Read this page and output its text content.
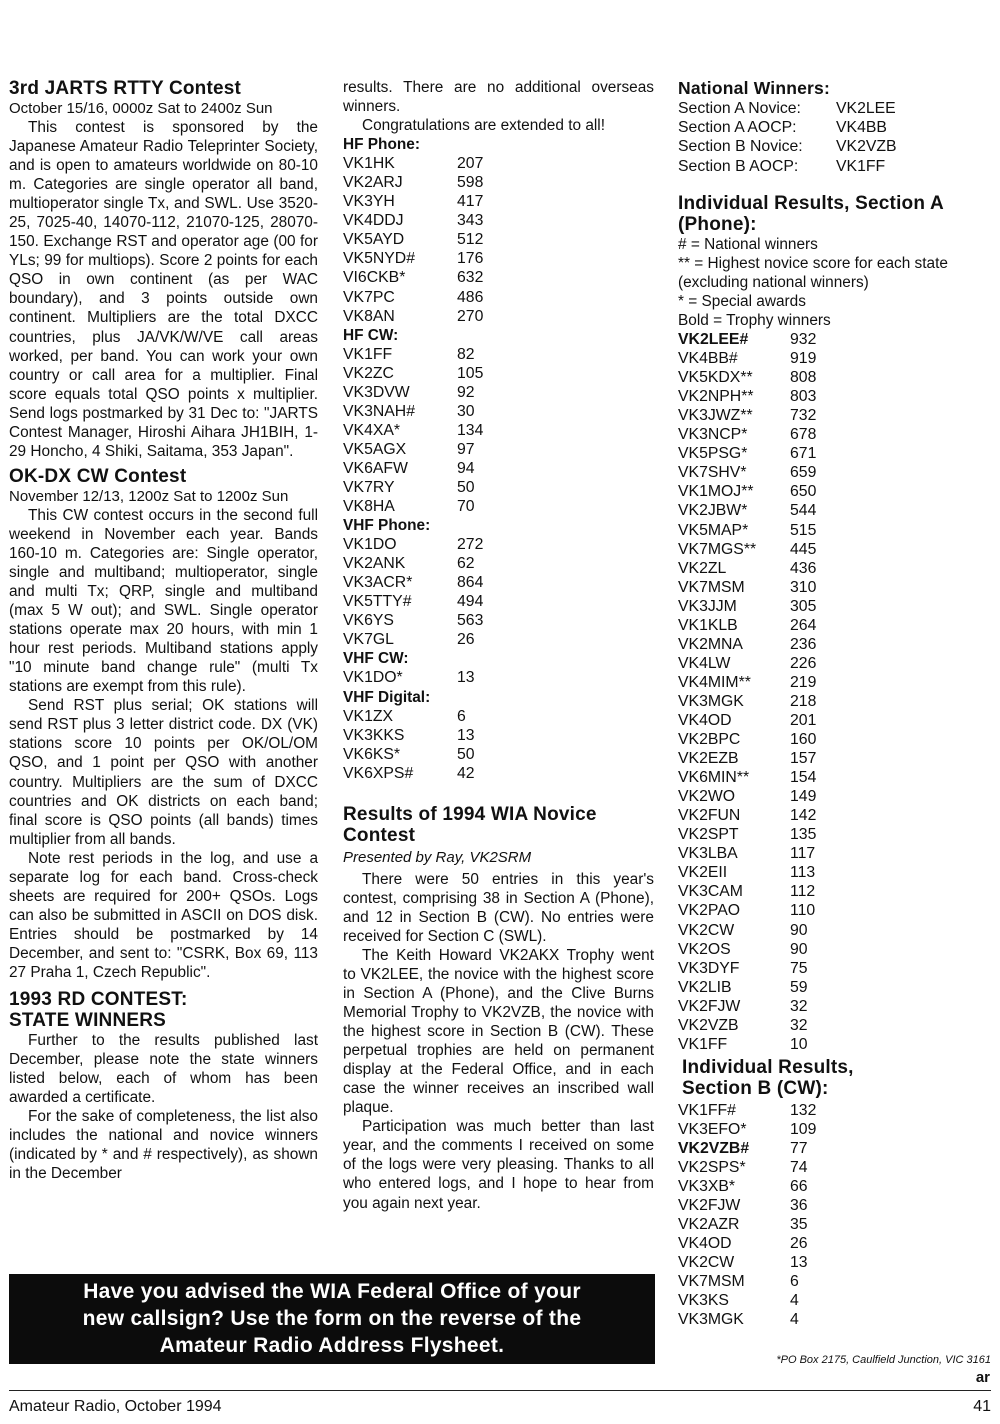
3rd JARTS RTTY Contest

October 15/16, 0000z Sat to 2400z Sun

This contest is sponsored by the Japanese Amateur Radio Teleprinter Society, and is open to amateurs worldwide on 80-10 m. Categories are single operator all band, multioperator single Tx, and SWL. Use 3520-25, 7025-40, 14070-112, 21070-125, 28070-150. Exchange RST and operator age (00 for YLs; 99 for multiops). Score 2 points for each QSO in own continent (as per WAC boundary), and 3 points outside own continent. Multipliers are the total DXCC countries, plus JA/VK/W/VE call areas worked, per band. You can work your own country or call area for a multiplier. Final score equals total QSO points x multiplier. Send logs postmarked by 31 Dec to: "JARTS Contest Manager, Hiroshi Aihara JH1BIH, 1-29 Honcho, 4 Shiki, Saitama, 353 Japan".

OK-DX CW Contest

November 12/13, 1200z Sat to 1200z Sun

This CW contest occurs in the second full weekend in November each year. Bands 160-10 m. Categories are: Single operator, single and multiband; multioperator, single and multi Tx; QRP, single and multiband (max 5 W out); and SWL. Single operator stations operate max 20 hours, with min 1 hour rest periods. Multiband stations apply "10 minute band change rule" (multi Tx stations are exempt from this rule).

Send RST plus serial; OK stations will send RST plus 3 letter district code. DX (VK) stations score 10 points per OK/OL/OM QSO, and 1 point per QSO with another country. Multipliers are the sum of DXCC countries and OK districts on each band; final score is QSO points (all bands) times multiplier from all bands.

Note rest periods in the log, and use a separate log for each band. Cross-check sheets are required for 200+ QSOs. Logs can also be submitted in ASCII on DOS disk. Entries should be postmarked by 14 December, and sent to: "CSRK, Box 69, 113 27 Praha 1, Czech Republic".

1993 RD CONTEST:
STATE WINNERS

Further to the results published last December, please note the state winners listed below, each of whom has been awarded a certificate.

For the sake of completeness, the list also includes the national and novice winners (indicated by * and # respectively), as shown in the December

results. There are no additional overseas winners.

Congratulations are extended to all!

HF Phone:
VK1HK	207
VK2ARJ	598
VK3YH	417
VK4DDJ	343
VK5AYD	512
VK5NYD#	176
VI6CKB*	632
VK7PC	486
VK8AN	270
HF CW:
VK1FF	82
VK2ZC	105
VK3DVW	92
VK3NAH#	30
VK4XA*	134
VK5AGX	97
VK6AFW	94
VK7RY	50
VK8HA	70
VHF Phone:
VK1DO	272
VK2ANK	62
VK3ACR*	864
VK5TTY#	494
VK6YS	563
VK7GL	26
VHF CW:
VK1DO*	13
VHF Digital:
VK1ZX	6
VK3KKS	13
VK6KS*	50
VK6XPS#	42
Results of 1994 WIA Novice
Contest

Presented by Ray, VK2SRM

There were 50 entries in this year's contest, comprising 38 in Section A (Phone), and 12 in Section B (CW). No entries were received for Section C (SWL).

The Keith Howard VK2AKX Trophy went to VK2LEE, the novice with the highest score in Section A (Phone), and the Clive Burns Memorial Trophy to VK2VZB, the novice with the highest score in Section B (CW). These perpetual trophies are held on permanent display at the Federal Office, and in each case the winner receives an inscribed wall plaque.

Participation was much better than last year, and the comments I received on some of the logs were very pleasing. Thanks to all who entered logs, and I hope to hear from you again next year.

National Winners:
Section A Novice:	VK2LEE
Section A AOCP:	VK4BB
Section B Novice:	VK2VZB
Section B AOCP:	VK1FF
Individual Results, Section A
(Phone):
# = National winners
** = Highest novice score for each state
(excluding national winners)
* = Special awards
Bold = Trophy winners
VK2LEE#	932
VK4BB#	919
VK5KDX**	808
VK2NPH**	803
VK3JWZ**	732
VK3NCP*	678
VK5PSG*	671
VK7SHV*	659
VK1MOJ**	650
VK2JBW*	544
VK5MAP*	515
VK7MGS**	445
VK2ZL	436
VK7MSM	310
VK3JJM	305
VK1KLB	264
VK2MNA	236
VK4LW	226
VK4MIM**	219
VK3MGK	218
VK4OD	201
VK2BPC	160
VK2EZB	157
VK6MIN**	154
VK2WO	149
VK2FUN	142
VK2SPT	135
VK3LBA	117
VK2EII	113
VK3CAM	112
VK2PAO	110
VK2CW	90
VK2OS	90
VK3DYF	75
VK2LIB	59
VK2FJW	32
VK2VZB	32
VK1FF	10
Individual Results,
Section B (CW):
VK1FF#	132
VK3EFO*	109
VK2VZB#	77
VK2SPS*	74
VK3XB*	66
VK2FJW	36
VK2AZR	35
VK4OD	26
VK2CW	13
VK7MSM	6
VK3KS	4
VK3MGK	4
Have you advised the WIA Federal Office of your
new callsign? Use the form on the reverse of the
Amateur Radio Address Flysheet.
*PO Box 2175, Caulfield Junction, VIC 3161
ar
Amateur Radio, October 1994	41
